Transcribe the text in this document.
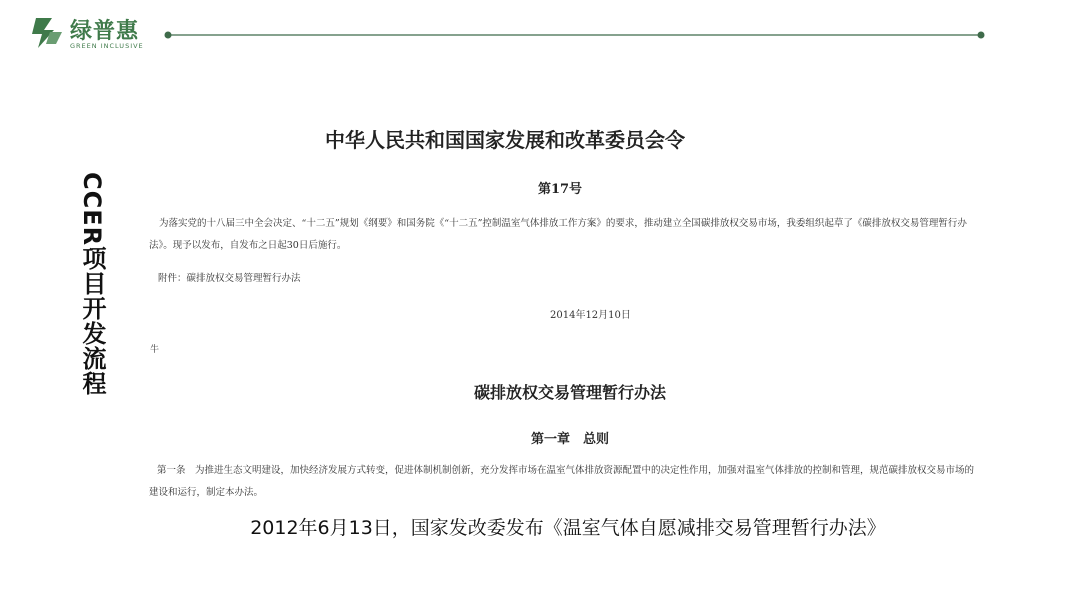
绿普惠
GREEN INCLUSIVE
CCER项目开发流程
中华人民共和国国家发展和改革委员会令
第17号
为落实党的十八届三中全会决定、“十二五”规划《纲要》和国务院《“十二五”控制温室气体排放工作方案》的要求，推动建立全国碳排放权交易市场，我委组织起草了《碳排放权交易管理暂行办法》。现予以发布，自发布之日起30日后施行。
附件：碳排放权交易管理暂行办法
2014年12月10日
牛
碳排放权交易管理暂行办法
第一章　总则
第一条　为推进生态文明建设，加快经济发展方式转变，促进体制机制创新，充分发挥市场在温室气体排放资源配置中的决定性作用，加强对温室气体排放的控制和管理，规范碳排放权交易市场的建设和运行，制定本办法。
2012年6月13日，国家发改委发布《温室气体自愿减排交易管理暂行办法》
